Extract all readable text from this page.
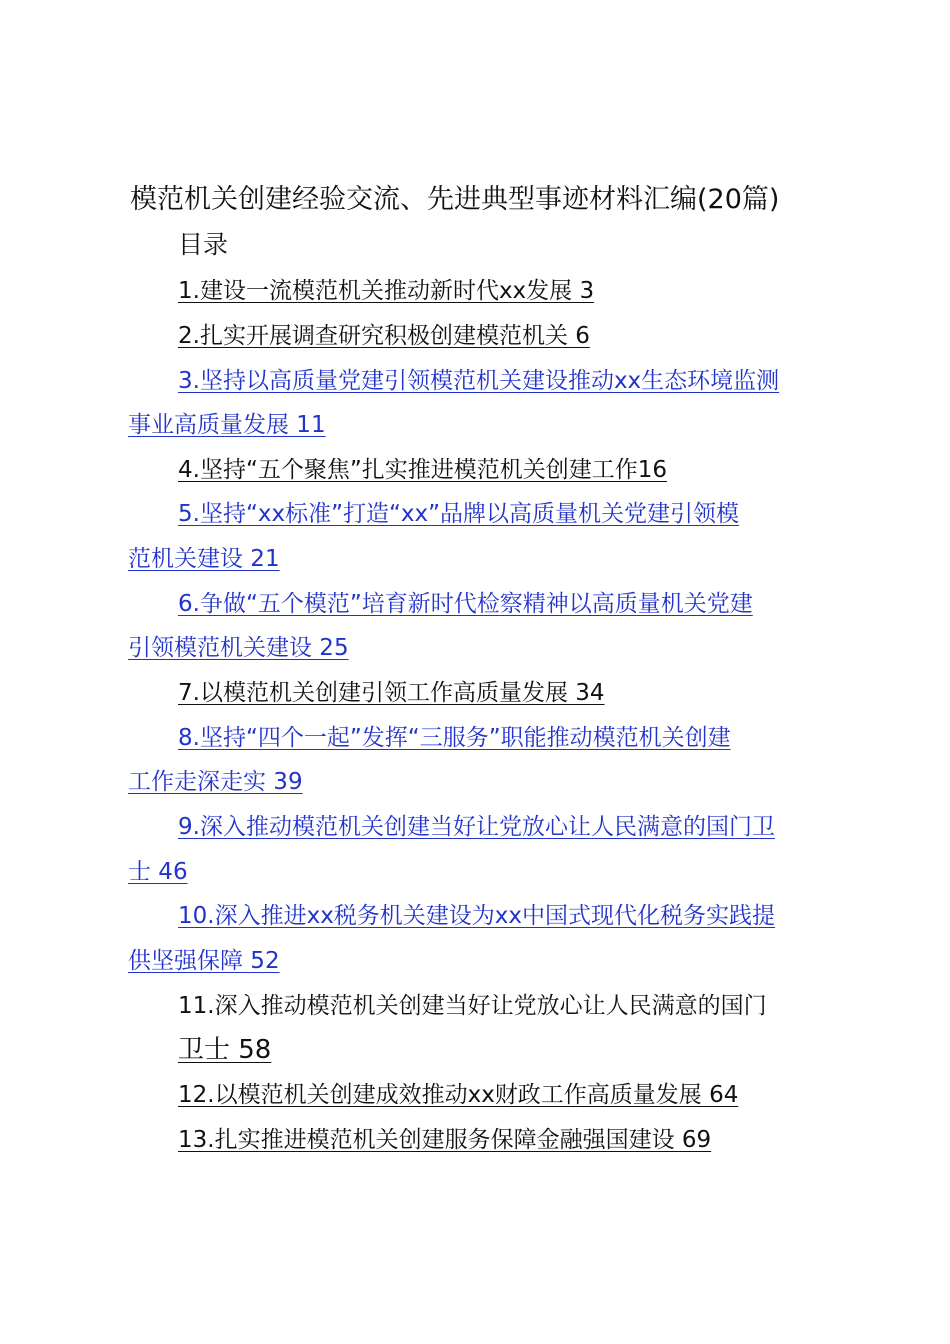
模范机关创建经验交流、先进典型事迹材料汇编(20篇)
目录
1.建设一流模范机关推动新时代xx发展 3
2.扎实开展调查研究积极创建模范机关 6
3.坚持以高质量党建引领模范机关建设推动xx生态环境监测
事业高质量发展 11
4.坚持“五个聚焦”扎实推进模范机关创建工作16
5.坚持“xx标准”打造“xx”品牌以高质量机关党建引领模
范机关建设 21
6.争做“五个模范”培育新时代检察精神以高质量机关党建
引领模范机关建设 25
7.以模范机关创建引领工作高质量发展 34
8.坚持“四个一起”发挥“三服务”职能推动模范机关创建
工作走深走实 39
9.深入推动模范机关创建当好让党放心让人民满意的国门卫
士 46
10.深入推进xx税务机关建设为xx中国式现代化税务实践提
供坚强保障 52
11.深入推动模范机关创建当好让党放心让人民满意的国门
卫士 58
12.以模范机关创建成效推动xx财政工作高质量发展 64
13.扎实推进模范机关创建服务保障金融强国建设 69
